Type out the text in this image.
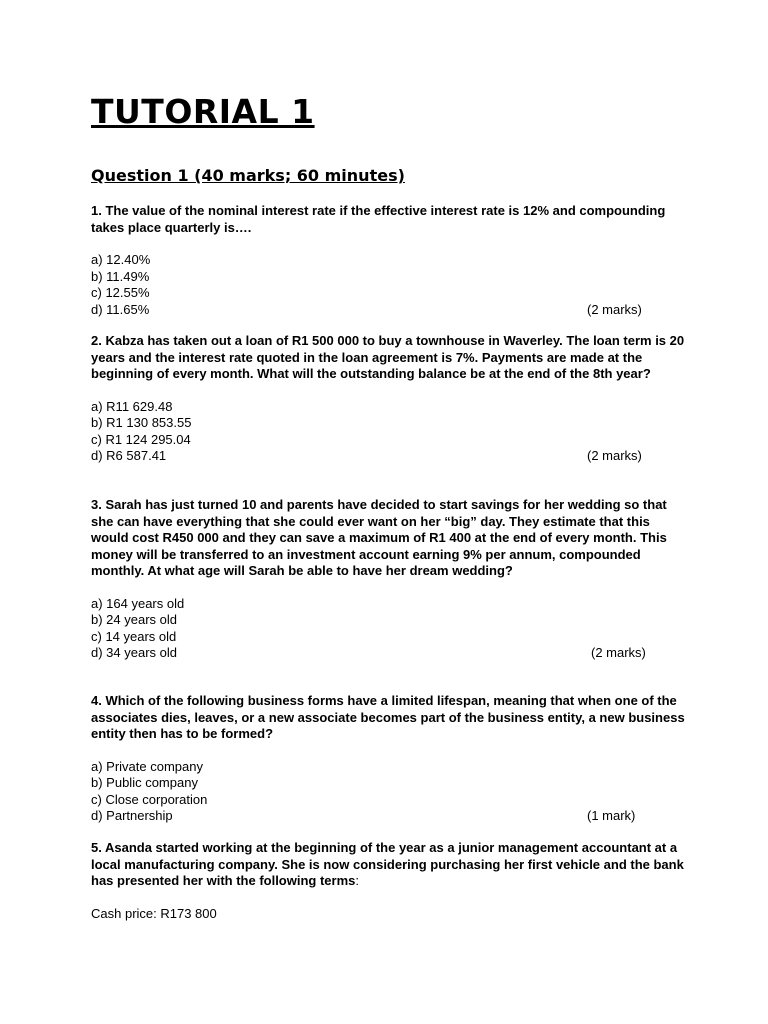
TUTORIAL 1
Question 1 (40 marks; 60 minutes)

1. The value of the nominal interest rate if the effective interest rate is 12% and compounding takes place quarterly is….

a) 12.40%
b) 11.49%
c) 12.55%
d) 11.65%	(2 marks)

2. Kabza has taken out a loan of R1 500 000 to buy a townhouse in Waverley. The loan term is 20 years and the interest rate quoted in the loan agreement is 7%. Payments are made at the beginning of every month. What will the outstanding balance be at the end of the 8th year?

a) R11 629.48
b) R1 130 853.55
c) R1 124 295.04
d) R6 587.41	(2 marks)

3. Sarah has just turned 10 and parents have decided to start savings for her wedding so that she can have everything that she could ever want on her “big” day. They estimate that this would cost R450 000 and they can save a maximum of R1 400 at the end of every month. This money will be transferred to an investment account earning 9% per annum, compounded monthly. At what age will Sarah be able to have her dream wedding?

a) 164 years old
b) 24 years old
c) 14 years old
d) 34 years old	(2 marks)

4. Which of the following business forms have a limited lifespan, meaning that when one of the associates dies, leaves, or a new associate becomes part of the business entity, a new business entity then has to be formed?

a) Private company
b) Public company
c) Close corporation
d) Partnership	(1 mark)

5. Asanda started working at the beginning of the year as a junior management accountant at a local manufacturing company. She is now considering purchasing her first vehicle and the bank has presented her with the following terms:

Cash price: R173 800
